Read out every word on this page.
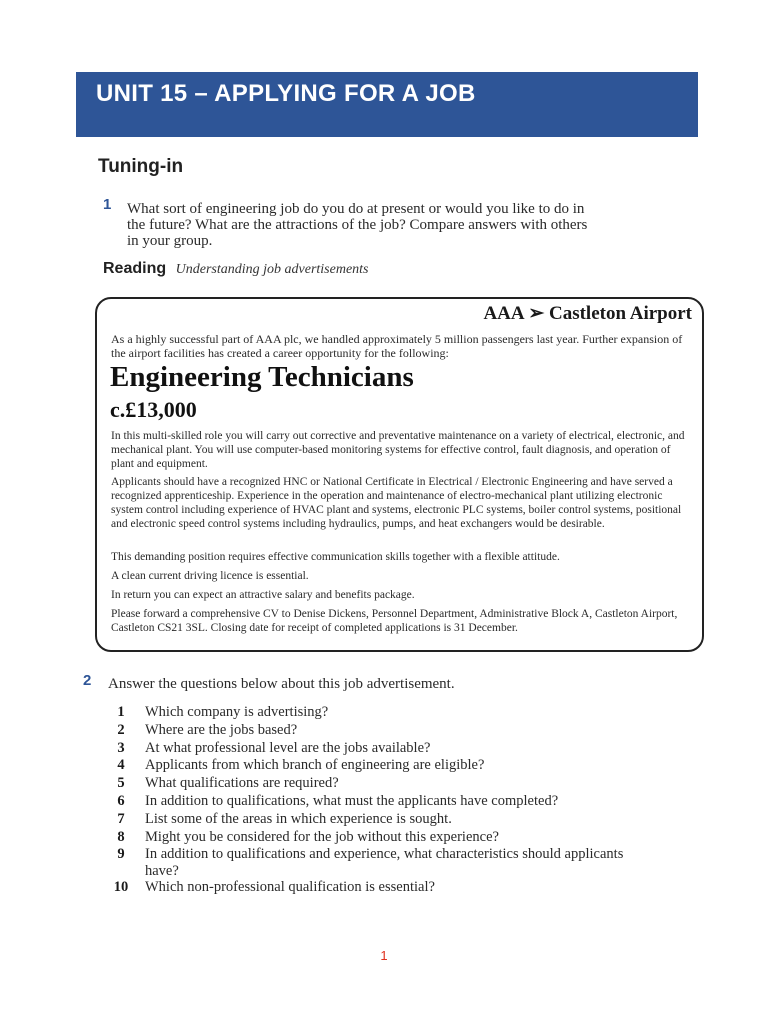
UNIT 15 – APPLYING FOR A JOB
Tuning-in
1 What sort of engineering job do you do at present or would you like to do in
the future? What are the attractions of the job? Compare answers with others
in your group.
Reading Understanding job advertisements
AAA ➢ Castleton Airport
As a highly successful part of AAA plc, we handled approximately 5 million passengers last year. Further expansion of the airport facilities has created a career opportunity for the following:
Engineering Technicians
c.£13,000
In this multi-skilled role you will carry out corrective and preventative maintenance on a variety of electrical, electronic, and mechanical plant. You will use computer-based monitoring systems for effective control, fault diagnosis, and operation of plant and equipment.
Applicants should have a recognized HNC or National Certificate in Electrical / Electronic Engineering and have served a recognized apprenticeship. Experience in the operation and maintenance of electro-mechanical plant utilizing electronic system control including experience of HVAC plant and systems, electronic PLC systems, boiler control systems, positional and electronic speed control systems including hydraulics, pumps, and heat exchangers would be desirable.
This demanding position requires effective communication skills together with a flexible attitude.
A clean current driving licence is essential.
In return you can expect an attractive salary and benefits package.
Please forward a comprehensive CV to Denise Dickens, Personnel Department, Administrative Block A, Castleton Airport, Castleton CS21 3SL. Closing date for receipt of completed applications is 31 December.
2 Answer the questions below about this job advertisement.
1	Which company is advertising?
2	Where are the jobs based?
3	At what professional level are the jobs available?
4	Applicants from which branch of engineering are eligible?
5	What qualifications are required?
6	In addition to qualifications, what must the applicants have completed?
7	List some of the areas in which experience is sought.
8	Might you be considered for the job without this experience?
9	In addition to qualifications and experience, what characteristics should applicants have?
10	Which non-professional qualification is essential?
1
